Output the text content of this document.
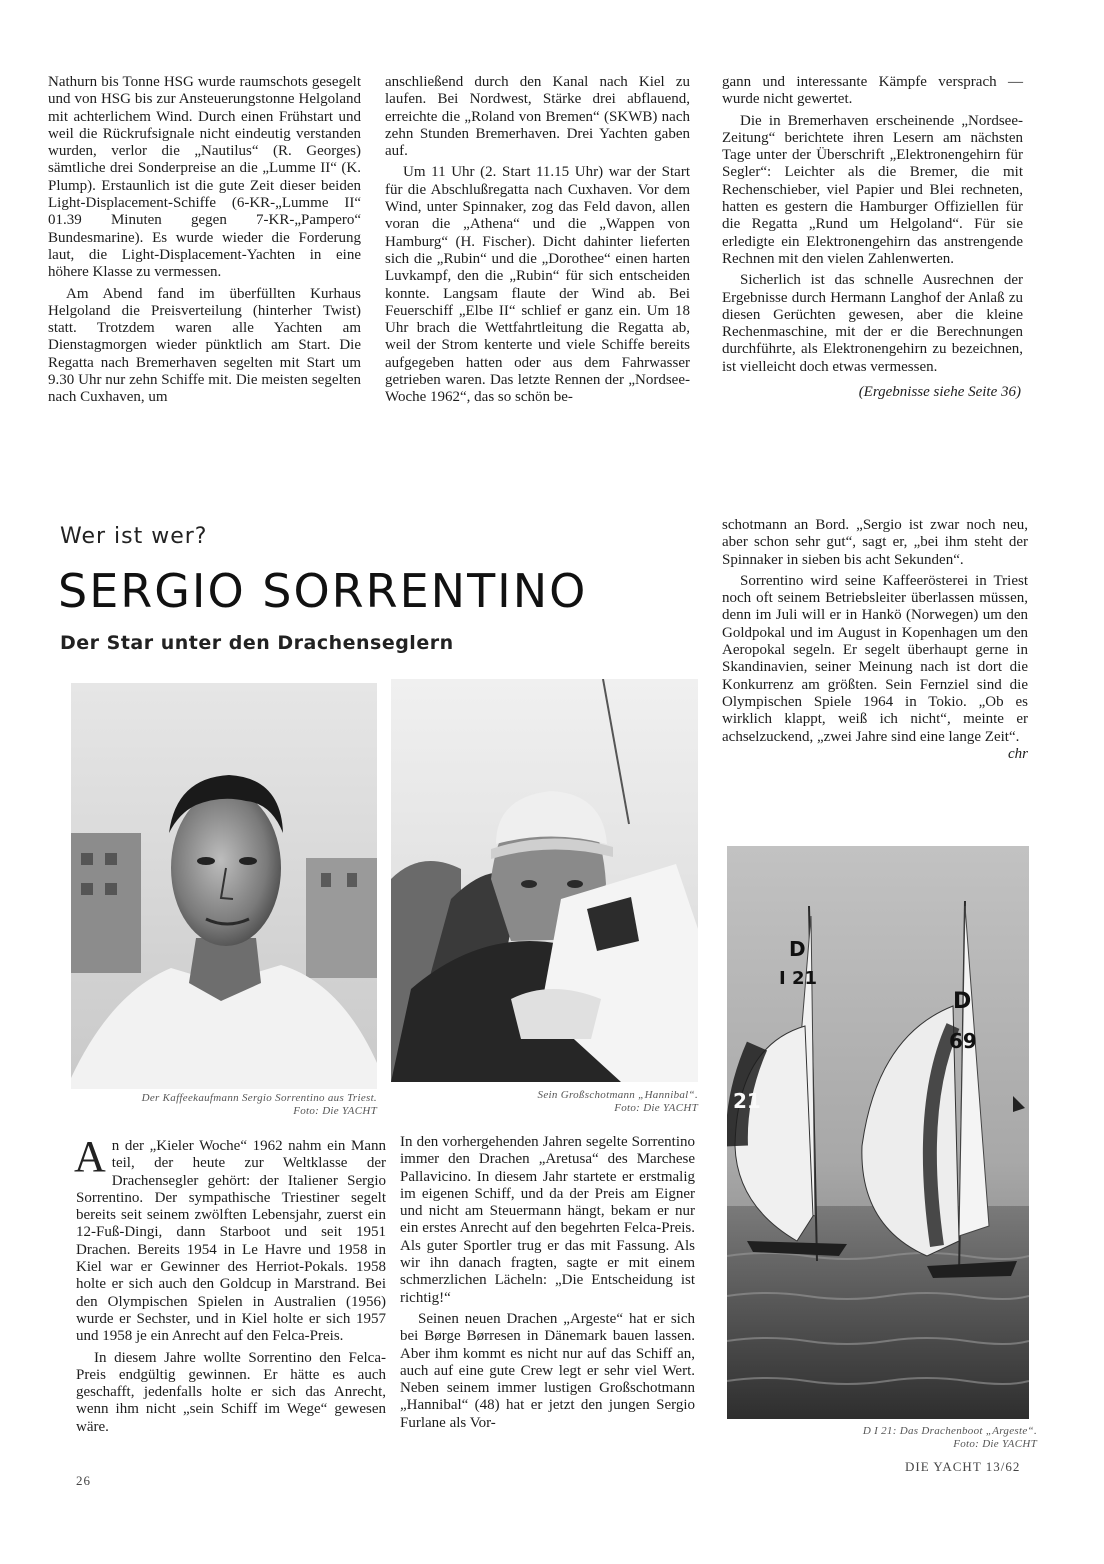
Nathurn bis Tonne HSG wurde raumschots gesegelt und von HSG bis zur Ansteuerungstonne Helgoland mit achterlichem Wind. Durch einen Frühstart und weil die Rückrufsignale nicht eindeutig verstanden wurden, verlor die „Nautilus“ (R. Georges) sämtliche drei Sonderpreise an die „Lumme II“ (K. Plump). Erstaunlich ist die gute Zeit dieser beiden Light-Displacement-Schiffe (6-KR-„Lumme II“ 01.39 Minuten gegen 7-KR-„Pampero“ Bundesmarine). Es wurde wieder die Forderung laut, die Light-Displacement-Yachten in eine höhere Klasse zu vermessen.

Am Abend fand im überfüllten Kurhaus Helgoland die Preisverteilung (hinterher Twist) statt. Trotzdem waren alle Yachten am Dienstagmorgen wieder pünktlich am Start. Die Regatta nach Bremerhaven segelten mit Start um 9.30 Uhr nur zehn Schiffe mit. Die meisten segelten nach Cuxhaven, um

anschließend durch den Kanal nach Kiel zu laufen. Bei Nordwest, Stärke drei abflauend, erreichte die „Roland von Bremen“ (SKWB) nach zehn Stunden Bremerhaven. Drei Yachten gaben auf.

Um 11 Uhr (2. Start 11.15 Uhr) war der Start für die Abschlußregatta nach Cuxhaven. Vor dem Wind, unter Spinnaker, zog das Feld davon, allen voran die „Athena“ und die „Wappen von Hamburg“ (H. Fischer). Dicht dahinter lieferten sich die „Rubin“ und die „Dorothee“ einen harten Luvkampf, den die „Rubin“ für sich entscheiden konnte. Langsam flaute der Wind ab. Bei Feuerschiff „Elbe II“ schlief er ganz ein. Um 18 Uhr brach die Wettfahrtleitung die Regatta ab, weil der Strom kenterte und viele Schiffe bereits aufgegeben hatten oder aus dem Fahrwasser getrieben waren. Das letzte Rennen der „Nordsee-Woche 1962“, das so schön be-

gann und interessante Kämpfe versprach — wurde nicht gewertet.

Die in Bremerhaven erscheinende „Nordsee-Zeitung“ berichtete ihren Lesern am nächsten Tage unter der Überschrift „Elektronengehirn für Segler“: Leichter als die Bremer, die mit Rechenschieber, viel Papier und Blei rechneten, hatten es gestern die Hamburger Offiziellen für die Regatta „Rund um Helgoland“. Für sie erledigte ein Elektronengehirn das anstrengende Rechnen mit den vielen Zahlenwerten.

Sicherlich ist das schnelle Ausrechnen der Ergebnisse durch Hermann Langhof der Anlaß zu diesen Gerüchten gewesen, aber die kleine Rechenmaschine, mit der er die Berechnungen durchführte, als Elektronengehirn zu bezeichnen, ist vielleicht doch etwas vermessen.

(Ergebnisse siehe Seite 36)
Wer ist wer?
SERGIO SORRENTINO
Der Star unter den Drachenseglern

schotmann an Bord. „Sergio ist zwar noch neu, aber schon sehr gut“, sagt er, „bei ihm steht der Spinnaker in sieben bis acht Sekunden“.

Sorrentino wird seine Kaffeerösterei in Triest noch oft seinem Betriebsleiter überlassen müssen, denn im Juli will er in Hankö (Norwegen) um den Goldpokal und im August in Kopenhagen um den Aeropokal segeln. Er segelt überhaupt gerne in Skandinavien, seiner Meinung nach ist dort die Konkurrenz am größten. Sein Fernziel sind die Olympischen Spiele 1964 in Tokio. „Ob es wirklich klappt, weiß ich nicht“, meinte er achselzuckend, „zwei Jahre sind eine lange Zeit“.
chr

Der Kaffeekaufmann Sergio Sorrentino aus Triest.
Foto: Die YACHT
Sein Großschotmann „Hannibal“.
Foto: Die YACHT
D
I 21
21
D
69
D I 21: Das Drachenboot „Argeste“.
Foto: Die YACHT

An der „Kieler Woche“ 1962 nahm ein Mann teil, der heute zur Weltklasse der Drachensegler gehört: der Italiener Sergio Sorrentino. Der sympathische Triestiner segelt bereits seit seinem zwölften Lebensjahr, zuerst ein 12-Fuß-Dingi, dann Starboot und seit 1951 Drachen. Bereits 1954 in Le Havre und 1958 in Kiel war er Gewinner des Herriot-Pokals. 1958 holte er sich auch den Goldcup in Marstrand. Bei den Olympischen Spielen in Australien (1956) wurde er Sechster, und in Kiel holte er sich 1957 und 1958 je ein Anrecht auf den Felca-Preis.

In diesem Jahre wollte Sorrentino den Felca-Preis endgültig gewinnen. Er hätte es auch geschafft, jedenfalls holte er sich das Anrecht, wenn ihm nicht „sein Schiff im Wege“ gewesen wäre.

In den vorhergehenden Jahren segelte Sorrentino immer den Drachen „Aretusa“ des Marchese Pallavicino. In diesem Jahr startete er erstmalig im eigenen Schiff, und da der Preis am Eigner und nicht am Steuermann hängt, bekam er nur ein erstes Anrecht auf den begehrten Felca-Preis. Als guter Sportler trug er das mit Fassung. Als wir ihn danach fragten, sagte er mit einem schmerzlichen Lächeln: „Die Entscheidung ist richtig!“

Seinen neuen Drachen „Argeste“ hat er sich bei Børge Børresen in Dänemark bauen lassen. Aber ihm kommt es nicht nur auf das Schiff an, auch auf eine gute Crew legt er sehr viel Wert. Neben seinem immer lustigen Großschotmann „Hannibal“ (48) hat er jetzt den jungen Sergio Furlane als Vor-

26
DIE YACHT 13/62
